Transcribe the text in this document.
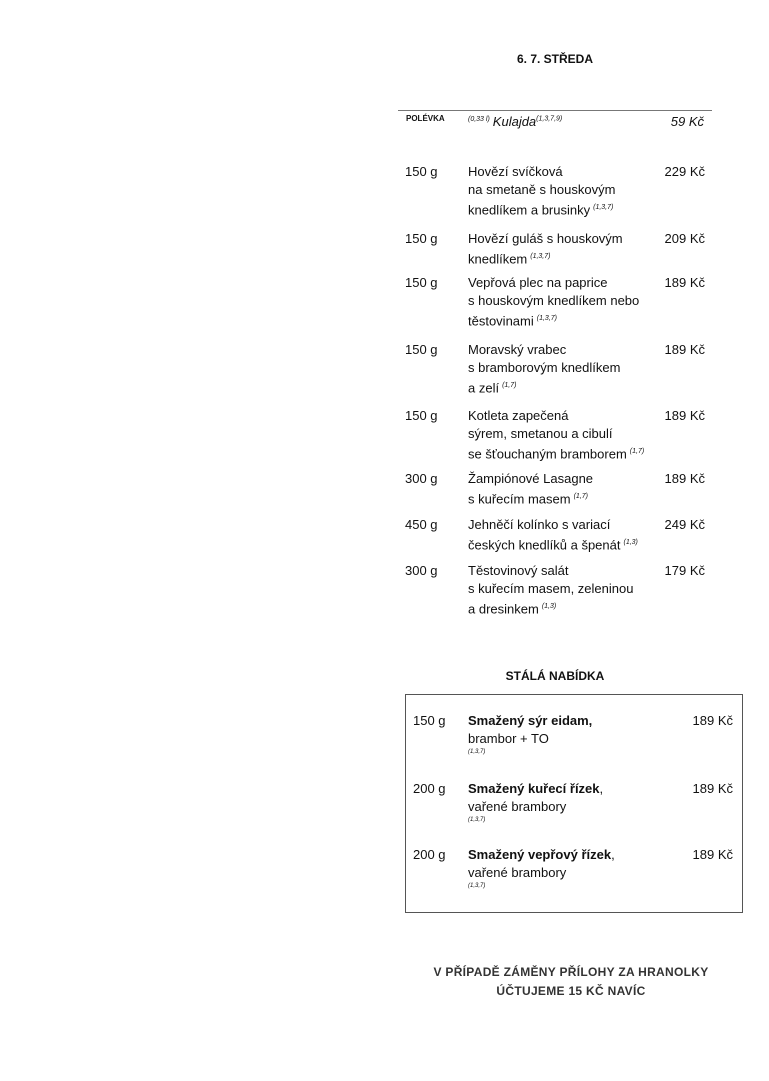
6. 7. STŘEDA
POLÉVKA	$^{(0,33 l)}$ Kulajda$^{(1,3,7,9)}$	59 Kč
150 g Hovězí svíčková
na smetaně s houskovým
knedlíkem a brusinky $^{(1,3,7)}$
229 Kč
150 g Hovězí guláš s houskovým
knedlíkem $^{(1,3,7)}$
209 Kč
150 g Vepřová plec na paprice
s houskovým knedlíkem nebo
těstovinami $^{(1,3,7)}$
189 Kč
150 g Moravský vrabec
s bramborovým knedlíkem
a zelí $^{(1,7)}$
189 Kč
150 g Kotleta zapečená
sýrem, smetanou a cibulí
se šťouchaným bramborem $^{(1,7)}$
189 Kč
300 g Žampiónové Lasagne
s kuřecím masem $^{(1,7)}$
189 Kč
450 g Jehněčí kolínko s variací
českých knedlíků a špenát $^{(1,3)}$
249 Kč
300 g Těstovinový salát
s kuřecím masem, zeleninou
a dresinkem $^{(1,3)}$
179 Kč
STÁLÁ NABÍDKA
150 g Smažený sýr eidam,
brambor + TO
(1,3,7)
189 Kč
200 g Smažený kuřecí řízek,
vařené brambory
(1,3,7)
189 Kč
200 g Smažený vepřový řízek,
vařené brambory
(1,3,7)
189 Kč
V PŘÍPADĚ ZÁMĚNY PŘÍLOHY ZA HRANOLKY
ÚČTUJEME 15 KČ NAVÍC
